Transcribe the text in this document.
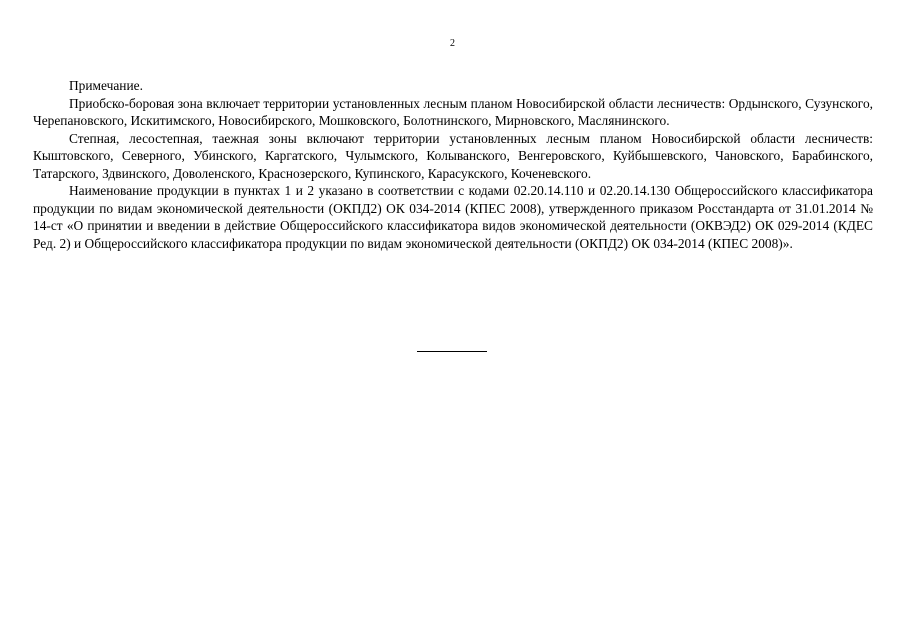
2

Примечание.

Приобско-боровая зона включает территории установленных лесным планом Новосибирской области лесничеств: Ордынского, Сузунского, Черепановского, Искитимского, Новосибирского, Мошковского, Болотнинского, Мирновского, Маслянинского.

Степная, лесостепная, таежная зоны включают территории установленных лесным планом Новосибирской области лесничеств: Кыштовского, Северного, Убинского, Каргатского, Чулымского, Колыванского, Венгеровского, Куйбышевского, Чановского, Барабинского, Татарского, Здвинского, Доволенского, Краснозерского, Купинского, Карасукского, Коченевского.

Наименование продукции в пунктах 1 и 2 указано в соответствии с кодами 02.20.14.110 и 02.20.14.130 Общероссийского классификатора продукции по видам экономической деятельности (ОКПД2) ОК 034-2014 (КПЕС 2008), утвержденного приказом Росстандарта от 31.01.2014 № 14-ст «О принятии и введении в действие Общероссийского классификатора видов экономической деятельности (ОКВЭД2) ОК 029-2014 (КДЕС Ред. 2) и Общероссийского классификатора продукции по видам экономической деятельности (ОКПД2) ОК 034-2014 (КПЕС 2008)».
